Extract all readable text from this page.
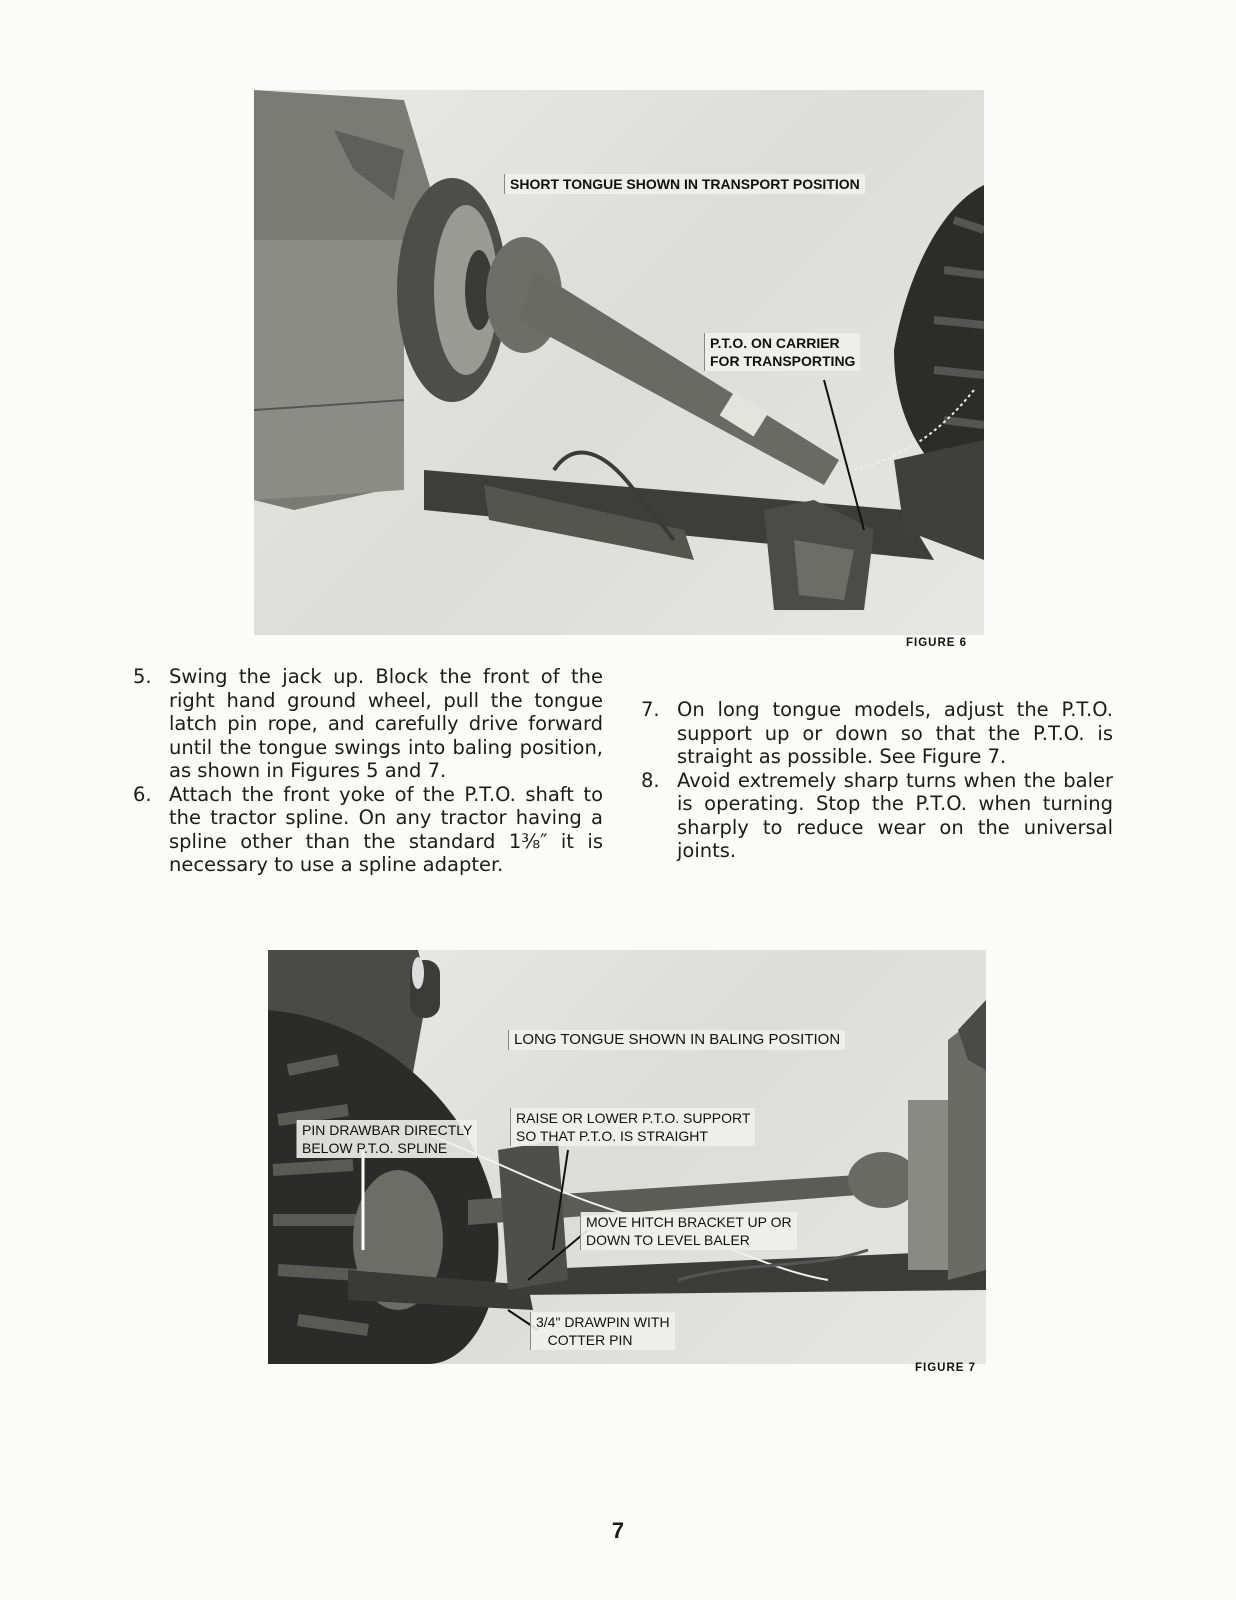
SHORT TONGUE SHOWN IN TRANSPORT POSITION
P.T.O. ON CARRIER
FOR TRANSPORTING
FIGURE 6
5. Swing the jack up. Block the front of the right hand ground wheel, pull the tongue latch pin rope, and carefully drive forward until the tongue swings into baling position, as shown in Figures 5 and 7.
6. Attach the front yoke of the P.T.O. shaft to the tractor spline. On any tractor having a spline other than the standard 1⅜″ it is necessary to use a spline adapter.
7. On long tongue models, adjust the P.T.O. support up or down so that the P.T.O. is straight as possible. See Figure 7.
8. Avoid extremely sharp turns when the baler is operating. Stop the P.T.O. when turning sharply to reduce wear on the universal joints.
LONG TONGUE SHOWN IN BALING POSITION
PIN DRAWBAR DIRECTLY
BELOW P.T.O. SPLINE
RAISE OR LOWER P.T.O. SUPPORT
SO THAT P.T.O. IS STRAIGHT
MOVE HITCH BRACKET UP OR
DOWN TO LEVEL BALER
3/4" DRAWPIN WITH
COTTER PIN
FIGURE 7
7
